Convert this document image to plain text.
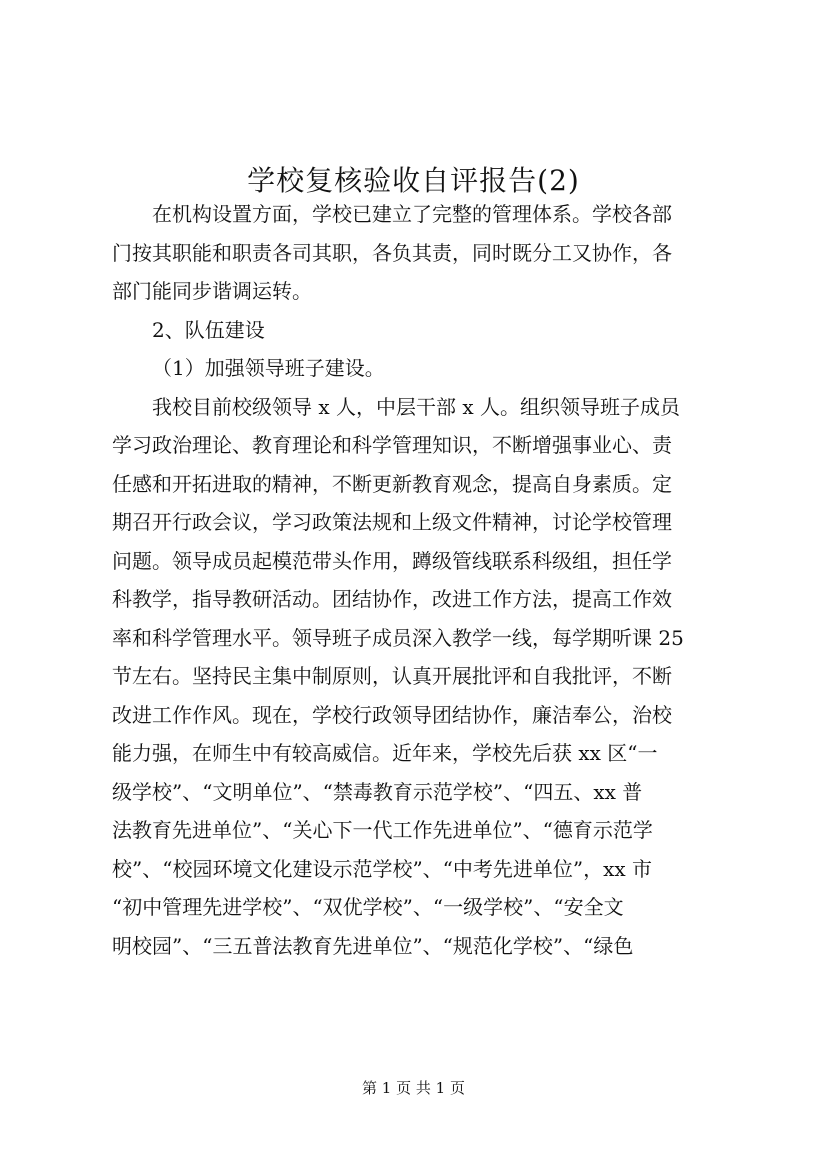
学校复核验收自评报告(2)

在机构设置方面，学校已建立了完整的管理体系。学校各部

门按其职能和职责各司其职，各负其责，同时既分工又协作，各

部门能同步谐调运转。

2、队伍建设

（1）加强领导班子建设。

我校目前校级领导 x 人，中层干部 x 人。组织领导班子成员

学习政治理论、教育理论和科学管理知识，不断增强事业心、责

任感和开拓进取的精神，不断更新教育观念，提高自身素质。定

期召开行政会议，学习政策法规和上级文件精神，讨论学校管理

问题。领导成员起模范带头作用，蹲级管线联系科级组，担任学

科教学，指导教研活动。团结协作，改进工作方法，提高工作效

率和科学管理水平。领导班子成员深入教学一线，每学期听课 25

节左右。坚持民主集中制原则，认真开展批评和自我批评，不断

改进工作作风。现在，学校行政领导团结协作，廉洁奉公，治校

能力强，在师生中有较高威信。近年来，学校先后获 xx 区“一

级学校”、“文明单位”、“禁毒教育示范学校”、“四五、xx 普

法教育先进单位”、“关心下一代工作先进单位”、“德育示范学

校”、“校园环境文化建设示范学校”、“中考先进单位”，xx 市

“初中管理先进学校”、“双优学校”、“一级学校”、“安全文

明校园”、“三五普法教育先进单位”、“规范化学校”、“绿色

第 1 页 共 1 页
